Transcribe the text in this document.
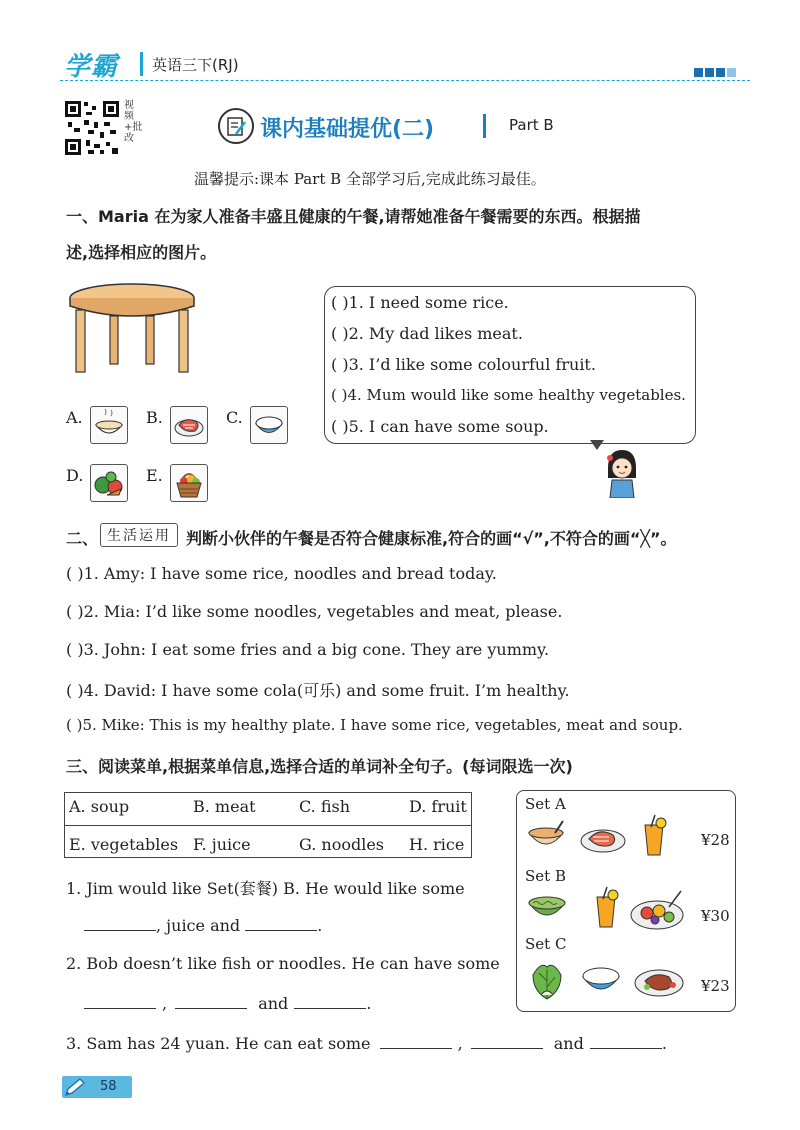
学霸 英语三下(RJ)
视频+批改	课内基础提优(二)	Part B
温馨提示:课本 Part B 全部学习后,完成此练习最佳。
一、Maria 在为家人准备丰盛且健康的午餐,请帮她准备午餐需要的东西。根据描
述,选择相应的图片。
A.	B.	C.
D.	E.
( )1. I need some rice.
( )2. My dad likes meat.
( )3. I’d like some colourful fruit.
( )4. Mum would like some healthy vegetables.
( )5. I can have some soup.
二、 生活运用 判断小伙伴的午餐是否符合健康标准,符合的画“√”,不符合的画“╳”。
( )1. Amy: I have some rice, noodles and bread today.
( )2. Mia: I’d like some noodles, vegetables and meat, please.
( )3. John: I eat some fries and a big cone. They are yummy.
( )4. David: I have some cola(可乐) and some fruit. I’m healthy.
( )5. Mike: This is my healthy plate. I have some rice, vegetables, meat and soup.
三、阅读菜单,根据菜单信息,选择合适的单词补全句子。(每词限选一次)
A. soup	B. meat	C. fish	D. fruit
E. vegetables F. juice	G. noodles H. rice
Set A
¥28
Set B
¥30
Set C
¥23
1. Jim would like Set(套餐) B. He would like some
, juice and	.
2. Bob doesn’t like fish or noodles. He can have some
,	and	.
3. Sam has 24 yuan. He can eat some	,	and	.
58
